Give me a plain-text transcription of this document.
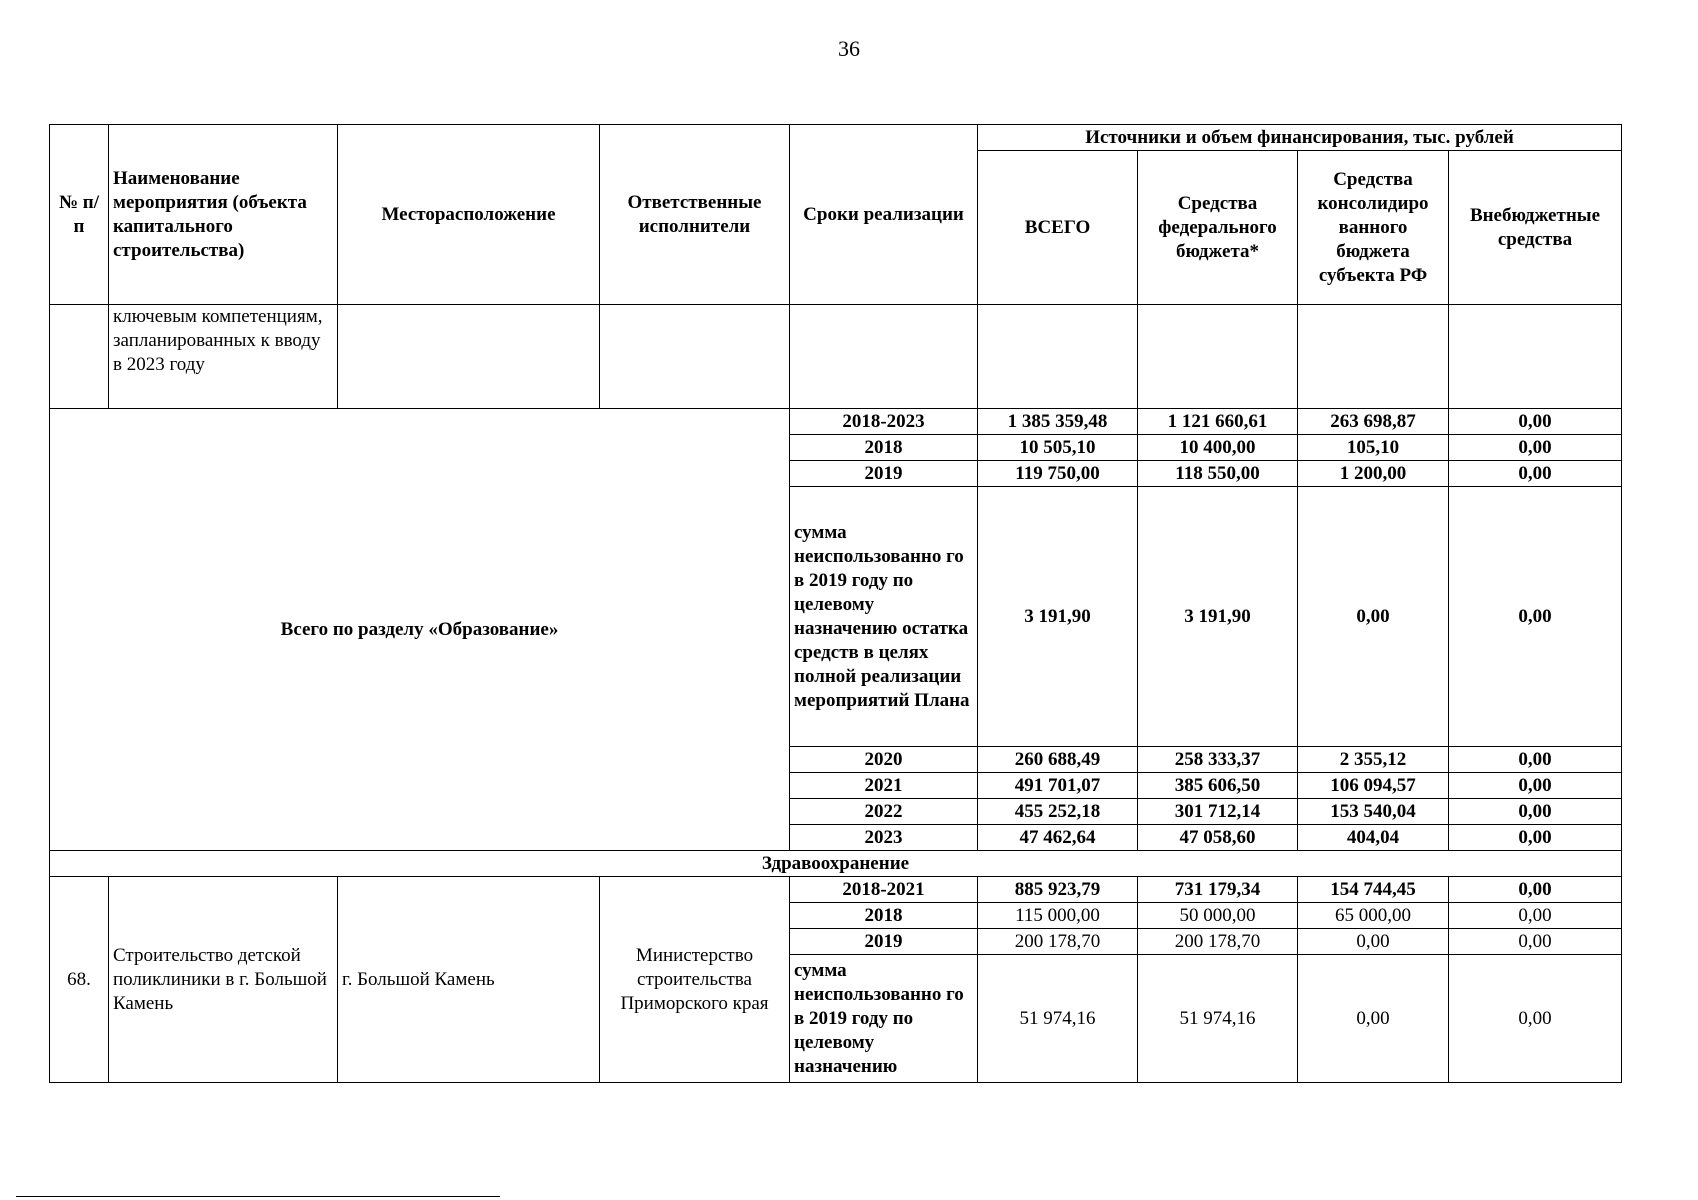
36
№ п/п	Наименование мероприятия (объекта капитального строительства)	Месторасположение	Ответственные исполнители	Сроки реализации	Источники и объем финансирования, тыс. рублей			
					ВСЕГО	Средства федерального бюджета*	Средства консолидиро ванного бюджета субъекта РФ	Внебюджетные средства
	ключевым компетенциям, запланированных к вводу в 2023 году							
Всего по разделу «Образование»				2018-2023	1 385 359,48	1 121 660,61	263 698,87	0,00
				2018	10 505,10	10 400,00	105,10	0,00
				2019	119 750,00	118 550,00	1 200,00	0,00
				сумма неиспользованно го в 2019 году по целевому назначению остатка средств в целях полной реализации мероприятий Плана	3 191,90	3 191,90	0,00	0,00
				2020	260 688,49	258 333,37	2 355,12	0,00
				2021	491 701,07	385 606,50	106 094,57	0,00
				2022	455 252,18	301 712,14	153 540,04	0,00
				2023	47 462,64	47 058,60	404,04	0,00
Здравоохранение								
68.	Строительство детской поликлиники в г. Большой Камень	г. Большой Камень	Министерство строительства Приморского края	2018-2021	885 923,79	731 179,34	154 744,45	0,00
				2018	115 000,00	50 000,00	65 000,00	0,00
				2019	200 178,70	200 178,70	0,00	0,00
				сумма неиспользованно го в 2019 году по целевому назначению	51 974,16	51 974,16	0,00	0,00
